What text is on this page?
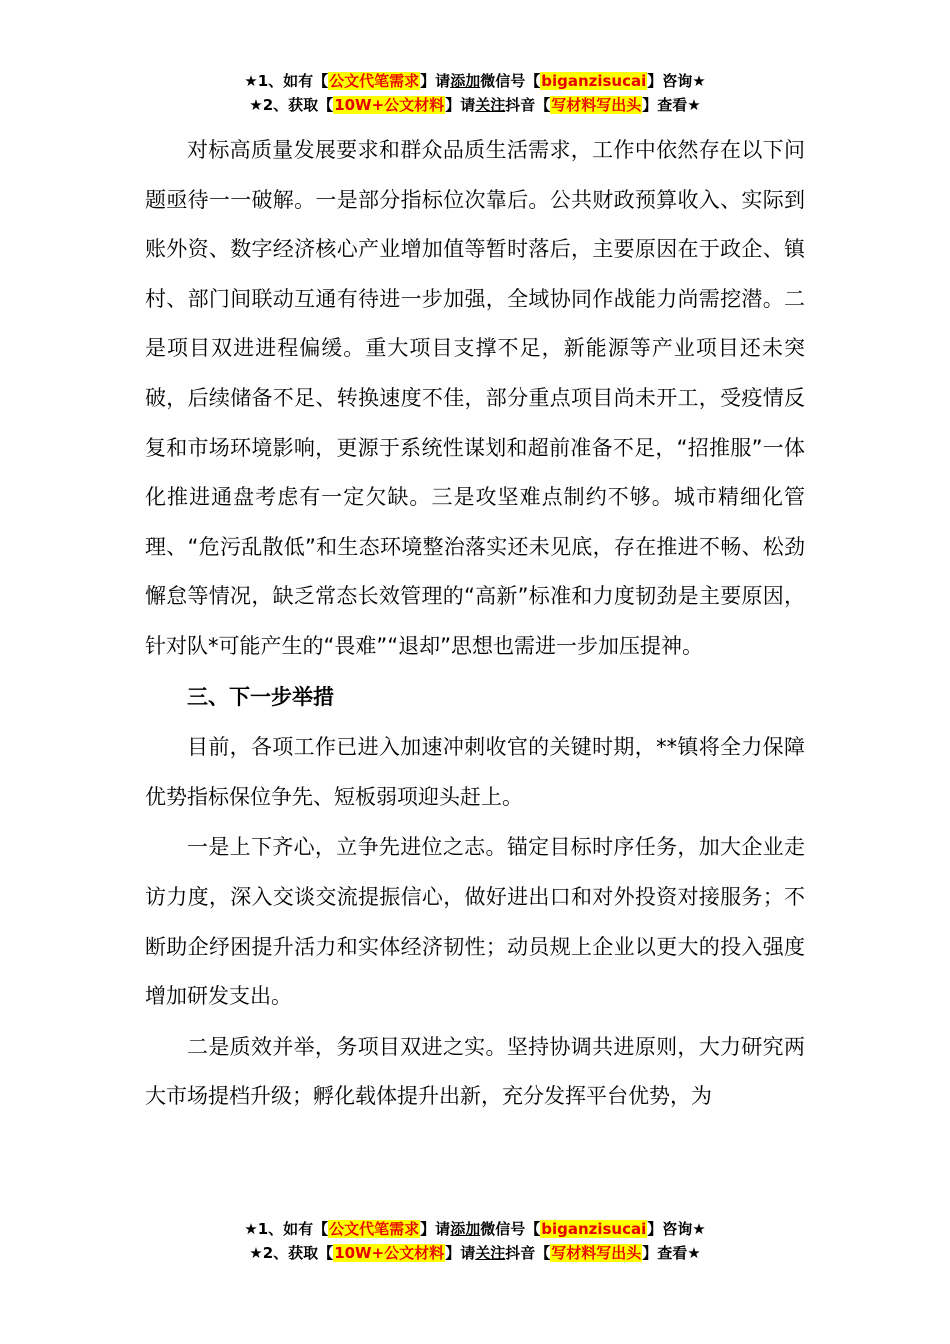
★1、如有【公文代笔需求】请添加微信号【biganzisucai】咨询★
★2、获取【10W+公文材料】请关注抖音【写材料写出头】查看★

对标高质量发展要求和群众品质生活需求，工作中依然存在以下问题亟待一一破解。一是部分指标位次靠后。公共财政预算收入、实际到账外资、数字经济核心产业增加值等暂时落后，主要原因在于政企、镇村、部门间联动互通有待进一步加强，全域协同作战能力尚需挖潜。二是项目双进进程偏缓。重大项目支撑不足，新能源等产业项目还未突破，后续储备不足、转换速度不佳，部分重点项目尚未开工，受疫情反复和市场环境影响，更源于系统性谋划和超前准备不足，“招推服”一体化推进通盘考虑有一定欠缺。三是攻坚难点制约不够。城市精细化管理、“危污乱散低”和生态环境整治落实还未见底，存在推进不畅、松劲懈怠等情况，缺乏常态长效管理的“高新”标准和力度韧劲是主要原因，针对队*可能产生的“畏难”“退却”思想也需进一步加压提神。

三、下一步举措

目前，各项工作已进入加速冲刺收官的关键时期，**镇将全力保障优势指标保位争先、短板弱项迎头赶上。

一是上下齐心，立争先进位之志。锚定目标时序任务，加大企业走访力度，深入交谈交流提振信心，做好进出口和对外投资对接服务；不断助企纾困提升活力和实体经济韧性；动员规上企业以更大的投入强度增加研发支出。

二是质效并举，务项目双进之实。坚持协调共进原则，大力研究两大市场提档升级；孵化载体提升出新，充分发挥平台优势，为

★1、如有【公文代笔需求】请添加微信号【biganzisucai】咨询★
★2、获取【10W+公文材料】请关注抖音【写材料写出头】查看★
